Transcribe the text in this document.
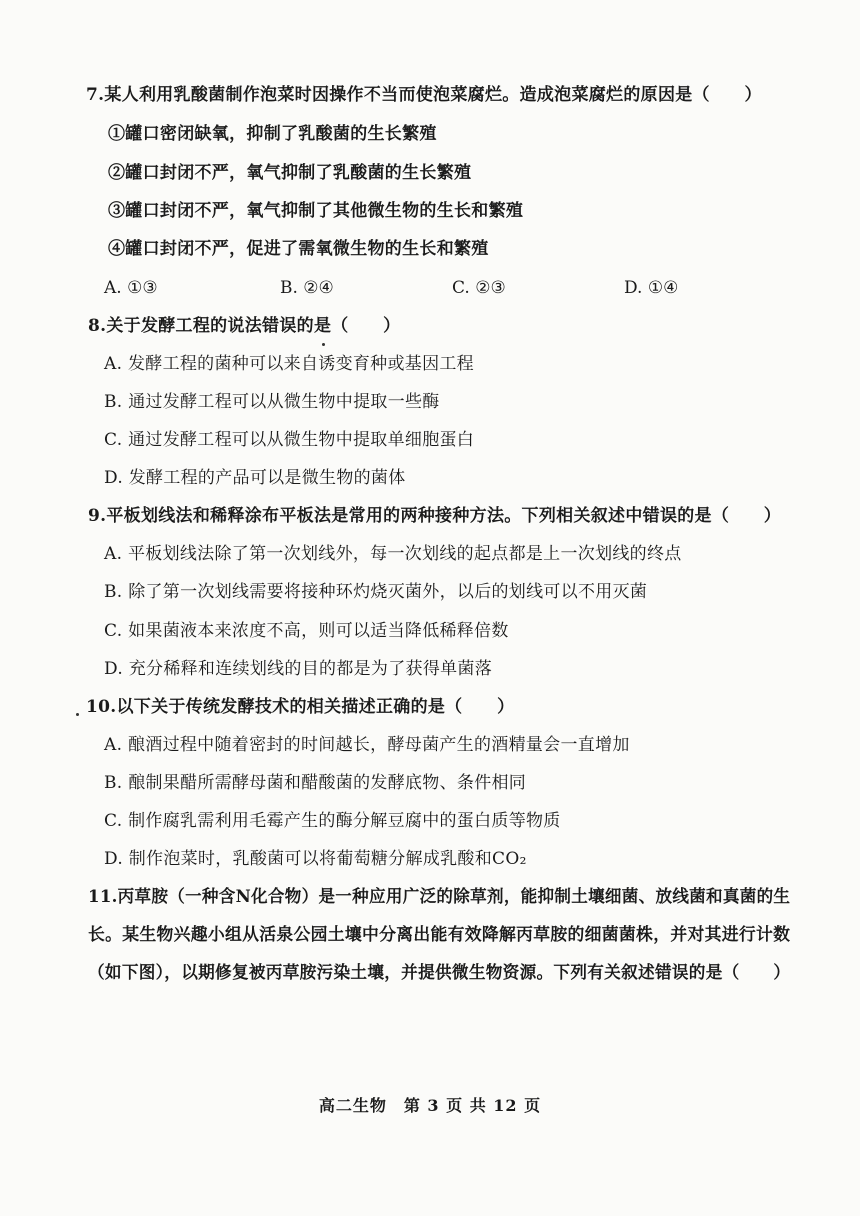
7.某人利用乳酸菌制作泡菜时因操作不当而使泡菜腐烂。造成泡菜腐烂的原因是（　　）
①罐口密闭缺氧，抑制了乳酸菌的生长繁殖
②罐口封闭不严，氧气抑制了乳酸菌的生长繁殖
③罐口封闭不严，氧气抑制了其他微生物的生长和繁殖
④罐口封闭不严，促进了需氧微生物的生长和繁殖
A. ①③	B. ②④	C. ②③	D. ①④
8.关于发酵工程的说法错误的是（　　）
A. 发酵工程的菌种可以来自诱变育种或基因工程
B. 通过发酵工程可以从微生物中提取一些酶
C. 通过发酵工程可以从微生物中提取单细胞蛋白
D. 发酵工程的产品可以是微生物的菌体
9.平板划线法和稀释涂布平板法是常用的两种接种方法。下列相关叙述中错误的是（　　）
A. 平板划线法除了第一次划线外，每一次划线的起点都是上一次划线的终点
B. 除了第一次划线需要将接种环灼烧灭菌外，以后的划线可以不用灭菌
C. 如果菌液本来浓度不高，则可以适当降低稀释倍数
D. 充分稀释和连续划线的目的都是为了获得单菌落
10.以下关于传统发酵技术的相关描述正确的是（　　）
A. 酿酒过程中随着密封的时间越长，酵母菌产生的酒精量会一直增加
B. 酿制果醋所需酵母菌和醋酸菌的发酵底物、条件相同
C. 制作腐乳需利用毛霉产生的酶分解豆腐中的蛋白质等物质
D. 制作泡菜时，乳酸菌可以将葡萄糖分解成乳酸和CO₂
11.丙草胺（一种含N化合物）是一种应用广泛的除草剂，能抑制土壤细菌、放线菌和真菌的生
长。某生物兴趣小组从活泉公园土壤中分离出能有效降解丙草胺的细菌菌株，并对其进行计数
（如下图），以期修复被丙草胺污染土壤，并提供微生物资源。下列有关叙述错误的是（　　）
高二生物　第 3 页 共 12 页
